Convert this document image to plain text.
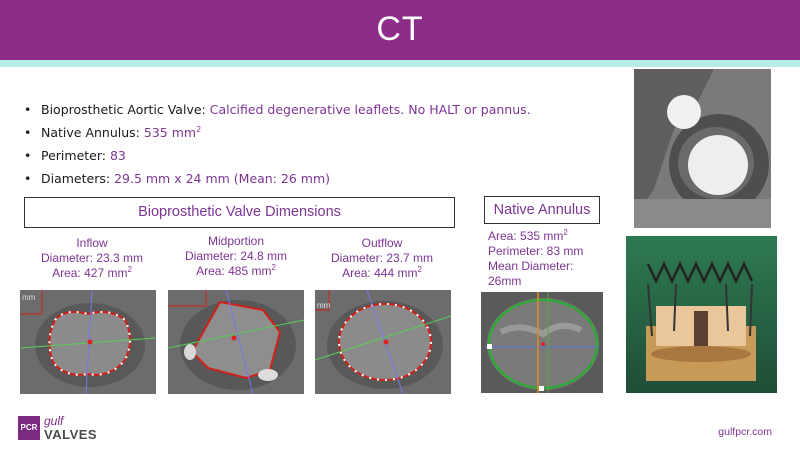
CT
• Bioprosthetic Aortic Valve: Calcified degenerative leaflets. No HALT or pannus.
• Native Annulus: 535 $mm^2$
• Perimeter: 83
• Diameters: 29.5 mm x 24 mm (Mean: 26 mm)
Bioprosthetic Valve Dimensions	Native Annulus
Inflow
Diameter: 23.3 mm
Area: 427 $mm^2$
Midportion
Diameter: 24.8 mm
Area: 485 $mm^2$
Outflow
Diameter: 23.7 mm
Area: 444 $mm^2$
Area: 535 $mm^2$
Perimeter: 83 mm
Mean Diameter:
26mm
mm
mm
PCR gulf
VALVES	gulfpcr.com
